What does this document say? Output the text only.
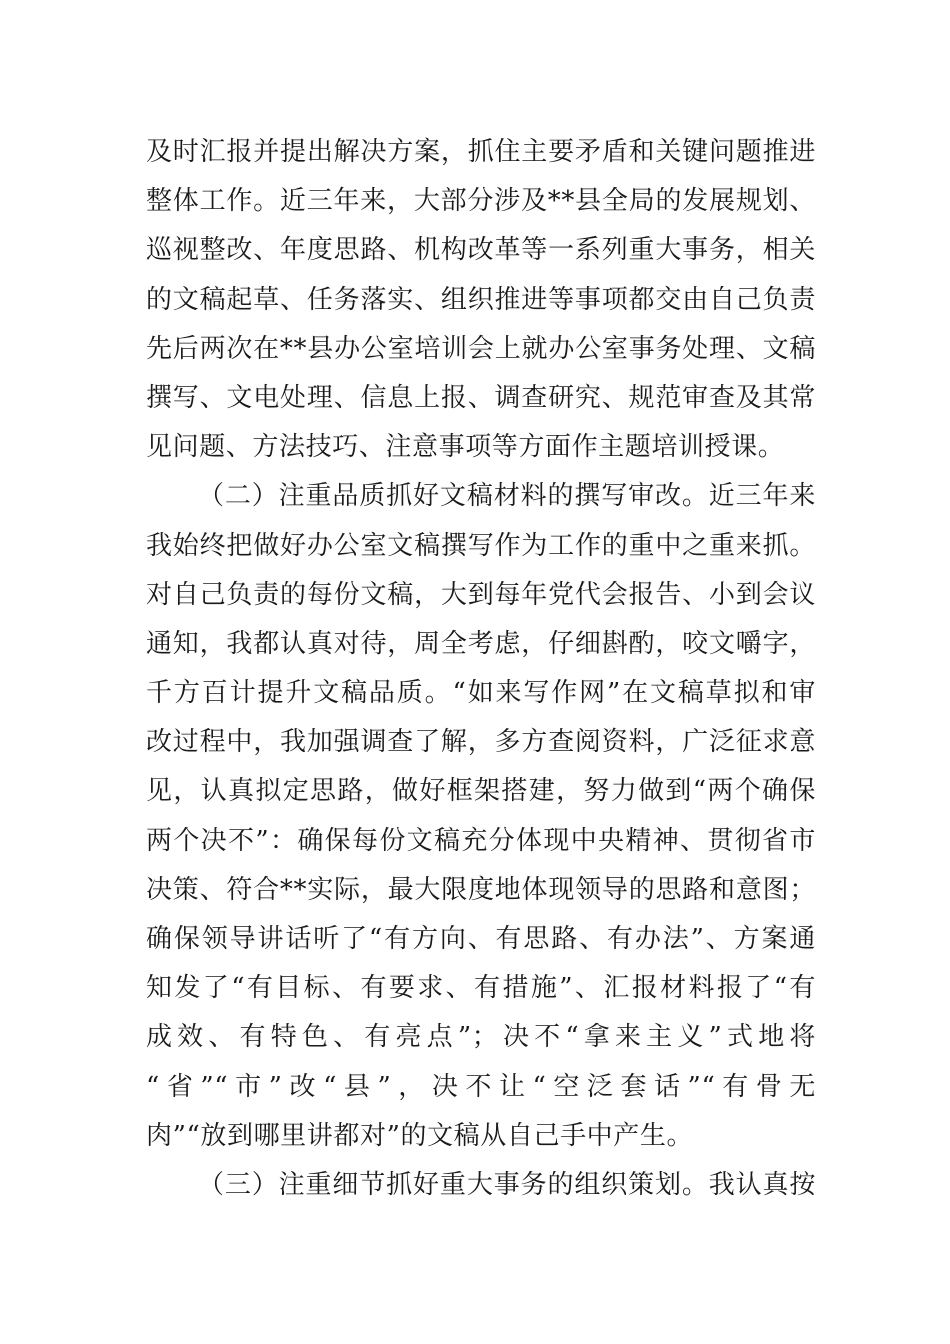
及时汇报并提出解决方案，抓住主要矛盾和关键问题推进
整体工作。近三年来，大部分涉及**县全局的发展规划、
巡视整改、年度思路、机构改革等一系列重大事务，相关
的文稿起草、任务落实、组织推进等事项都交由自己负责
先后两次在**县办公室培训会上就办公室事务处理、文稿
撰写、文电处理、信息上报、调查研究、规范审查及其常
见问题、方法技巧、注意事项等方面作主题培训授课。
（二）注重品质抓好文稿材料的撰写审改。近三年来
我始终把做好办公室文稿撰写作为工作的重中之重来抓。
对自己负责的每份文稿，大到每年党代会报告、小到会议
通知，我都认真对待，周全考虑，仔细斟酌，咬文嚼字，
千方百计提升文稿品质。“如来写作网”在文稿草拟和审
改过程中，我加强调查了解，多方查阅资料，广泛征求意
见，认真拟定思路，做好框架搭建，努力做到“两个确保
两个决不”：确保每份文稿充分体现中央精神、贯彻省市
决策、符合**实际，最大限度地体现领导的思路和意图；
确保领导讲话听了“有方向、有思路、有办法”、方案通
知发了“有目标、有要求、有措施”、汇报材料报了“有
成效、有特色、有亮点”；决不“拿来主义”式地将
“省”“市”改“县”，决不让“空泛套话”“有骨无
肉”“放到哪里讲都对”的文稿从自己手中产生。
（三）注重细节抓好重大事务的组织策划。我认真按
